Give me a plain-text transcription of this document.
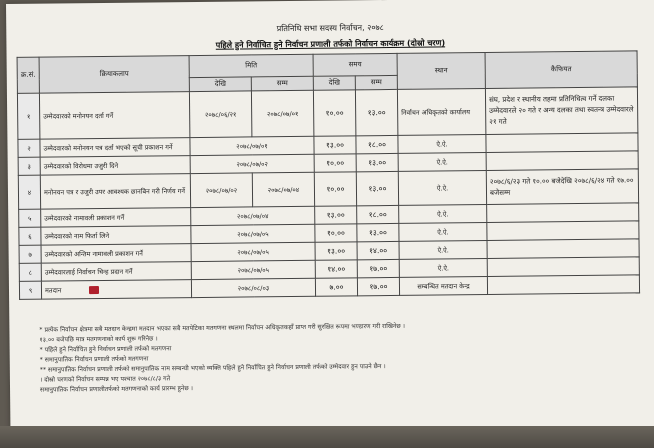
प्रतिनिधि सभा सदस्य निर्वाचन, २०७८
पहिले हुने निर्वाचित हुने निर्वाचन प्रणाली तर्फको निर्वाचन कार्यक्रम (दोस्रो चरण)
क्र.सं.	क्रियाकलाप	मिति		समय		स्थान	कैफियत
		देखि	सम्म	देखि	सम्म		
१	उम्मेदवारको मनोनयन दर्ता गर्ने	२०७८/०६/२१	२०७८/०७/०१	१०.००	१३.००	निर्वाचन अधिकृतको कार्यालय	संघ, प्रदेश र स्थानीय तहमा प्रतिनिधित्व गर्ने दलका उम्मेदवारले २० गते र अन्य दलका तथा स्वतन्त्र उम्मेदवारले २१ गते
२	उम्मेदवारको मनोनयन पत्र दर्ता भएको सूची प्रकाशन गर्ने	२०७८/०७/०१		१३.००	१८.००	ऐ.ऐ.	
३	उम्मेदवारको विरोधमा उजुरी दिने	२०७८/०७/०२		१०.००	१३.००	ऐ.ऐ.	
४	मनोनयन पत्र र उजुरी उपर आवश्यक छानबिन गरी निर्णय गर्ने	२०७८/०७/०२	२०७८/०७/०४	१०.००	१३.००	ऐ.ऐ.	२०७८/६/२३ गते १०.०० बजेदेखि २०७८/६/२४ गते १७.०० बजेसम्म
५	उम्मेदवारको नामावली प्रकाशन गर्ने	२०७८/०७/०४		१३.००	१८.००	ऐ.ऐ.	
६	उम्मेदवारको नाम फिर्ता लिने	२०७८/०७/०५		१०.००	१३.००	ऐ.ऐ.	
७	उम्मेदवारको अन्तिम नामावली प्रकाशन गर्ने	२०७८/०७/०५		१३.००	१४.००	ऐ.ऐ.	
८	उम्मेदवारलाई निर्वाचन चिन्ह प्रदान गर्ने	२०७८/०७/०५		१४.००	१७.००	ऐ.ऐ.	
९	मतदान	२०७८/०८/०३		७.००	१७.००	सम्बन्धित मतदान केन्द्र	
* प्रत्येक निर्वाचन क्षेत्रमा सबै मतदान केन्द्रमा मतदान भएका सबै मतपेटिका मतगणना स्थलमा निर्वाचन अधिकृतकहाँ प्राप्त गरी सुरक्षित रूपमा भण्डारण गरी राखिनेछ ।
१३.०० बजेपछि मात्र मतगणनाको कार्य शुरू गरिनेछ ।
* पहिले हुने निर्वाचित हुने निर्वाचन प्रणाली तर्फको मतगणना
* समानुपातिक निर्वाचन प्रणाली तर्फको मतगणना
** समानुपातिक निर्वाचन प्रणाली तर्फको समानुपातिक नाम सम्बन्धी भएको व्यक्ति पहिले हुने निर्वाचित हुने निर्वाचन प्रणाली तर्फको उम्मेदवार हुन पाउने छैन ।
। दोस्रो चरणको निर्वाचन सम्पन्न भए पश्चात २०७८/८/३ गते
समानुपातिक निर्वाचन प्रणालीतर्फको मतगणनाको कार्य प्रारम्भ हुनेछ ।
